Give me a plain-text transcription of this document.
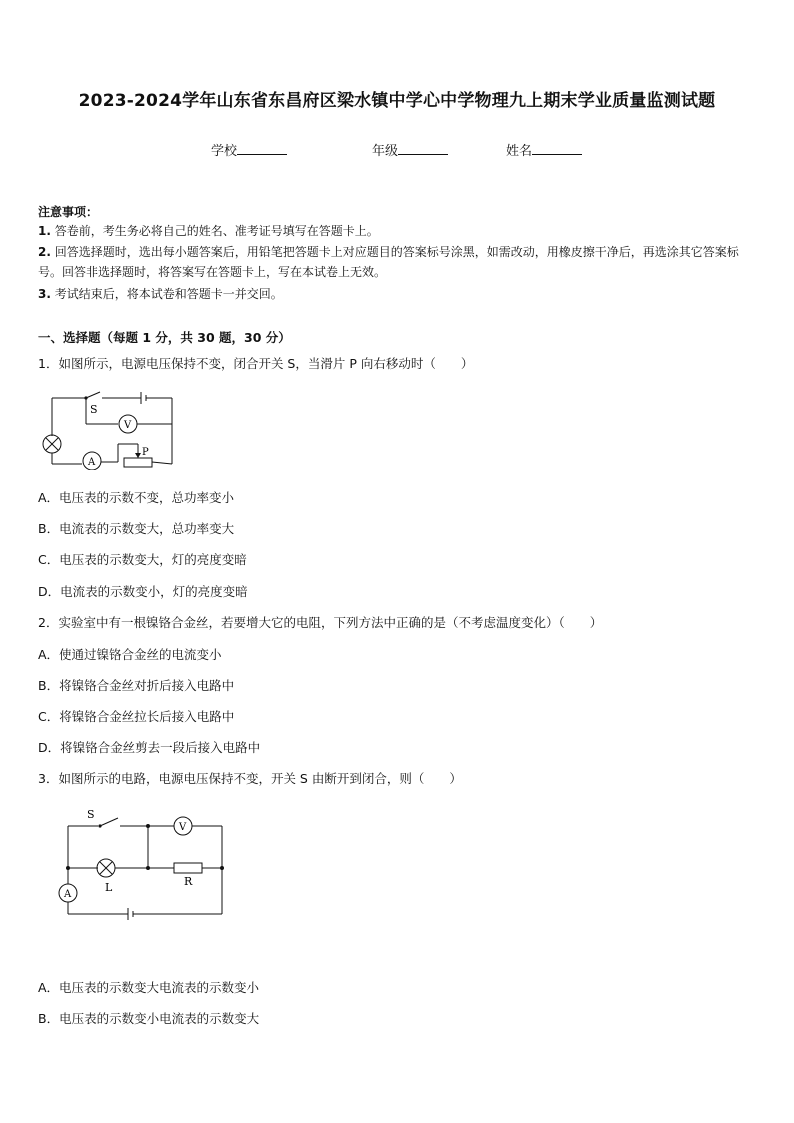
2023-2024学年山东省东昌府区梁水镇中学心中学物理九上期末学业质量监测试题
学校	年级	姓名
注意事项：
1. 答卷前，考生务必将自己的姓名、准考证号填写在答题卡上。
2. 回答选择题时，选出每小题答案后，用铅笔把答题卡上对应题目的答案标号涂黑，如需改动，用橡皮擦干净后，再选涂其它答案标号。回答非选择题时，将答案写在答题卡上，写在本试卷上无效。
3. 考试结束后，将本试卷和答题卡一并交回。
一、选择题（每题 1 分，共 30 题，30 分）
1．如图所示，电源电压保持不变，闭合开关 S，当滑片 P 向右移动时（　　）
S
V
A
P
A．电压表的示数不变，总功率变小
B．电流表的示数变大，总功率变大
C．电压表的示数变大，灯的亮度变暗
D．电流表的示数变小，灯的亮度变暗
2．实验室中有一根镍铬合金丝，若要增大它的电阻，下列方法中正确的是（不考虑温度变化）（　　）
A．使通过镍铬合金丝的电流变小
B．将镍铬合金丝对折后接入电路中
C．将镍铬合金丝拉长后接入电路中
D．将镍铬合金丝剪去一段后接入电路中
3．如图所示的电路，电源电压保持不变，开关 S 由断开到闭合，则（　　）
S
V
A
L	R
A．电压表的示数变大电流表的示数变小
B．电压表的示数变小电流表的示数变大
